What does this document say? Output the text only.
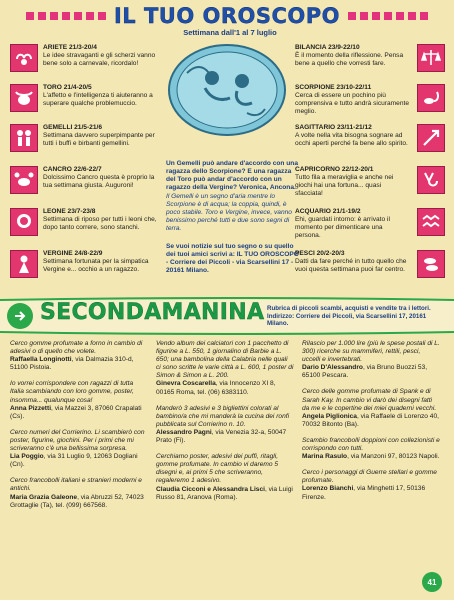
IL TUO OROSCOPO
Settimana dall'1 al 7 luglio
ARIETE 21/3-20/4
Le idee stravaganti e gli scherzi vanno bene solo a carnevale, ricordalo!
TORO 21/4-20/5
L'affetto e l'intelligenza ti aiuteranno a superare qualche problemuccio.
GEMELLI 21/5-21/6
Settimana davvero superpimpante per tutti i buffi e birbanti gemellini.
CANCRO 22/6-22/7
Dolcissimo Cancro questa è proprio la tua settimana giusta. Auguroni!
LEONE 23/7-23/8
Settimana di riposo per tutti i leoni che, dopo tanto correre, sono stanchi.
VERGINE 24/8-22/9
Settimana fortunata per la simpatica Vergine e... occhio a un ragazzo.
Un Gemelli può andare d'accordo con una ragazza dello Scorpione? E una ragazza del Toro può andar d'accordo con un ragazzo della Vergine? Veronica, Ancona.
Il Gemelli è un segno d'aria mentre lo Scorpione è di acqua; la coppia, quindi, è poco stabile. Toro e Vergine, invece, vanno benissimo perché tutti e due sono segni di terra.
Se vuoi notizie sul tuo segno o su quello dei tuoi amici scrivi a: IL TUO OROSCOPO - Corriere dei Piccoli - via Scarsellini 17 - 20161 Milano.
BILANCIA 23/9-22/10
È il momento della riflessione. Pensa bene a quello che vorresti fare.
SCORPIONE 23/10-22/11
Cerca di essere un pochino più comprensiva e tutto andrà sicuramente meglio.
SAGITTARIO 23/11-21/12
A volte nella vita bisogna sognare ad occhi aperti perché fa bene allo spirito.
CAPRICORNO 22/12-20/1
Tutto fila a meraviglia e anche nei giochi hai una fortuna... quasi sfacciata!
ACQUARIO 21/1-19/2
Ehi, guardati intorno: è arrivato il momento per dimenticare una persona.
PESCI 20/2-20/3
Datti da fare perché in tutto quello che vuoi questa settimana puoi far centro.
SECONDAMANINA Rubrica di piccoli scambi, acquisti e vendite tra i lettori. Indirizzo: Corriere dei Piccoli, via Scarsellini 17, 20161 Milano.
Cerco gomme profumate a forno in cambio di adesivi o di quello che volete.
Raffaella Longinotti, via Dalmazia 310-d, 51100 Pistoia.
Io vorrei corrispondere con ragazzi di tutta Italia scambiando con loro gomme, poster, insomma... qualunque cosa!
Anna Pizzetti, via Mazzei 3, 87060 Crapalati (Cs).
Cerco numeri del Corrierino. Li scambierò con poster, figurine, giochini. Per i primi che mi scriveranno c'è una bellissima sorpresa.
Lia Poggio, via 31 Luglio 9, 12063 Dogliani (Cn).
Cerco francobolli italiani e stranieri moderni e antichi.
Maria Grazia Galeone, via Abruzzi 52, 74023 Grottaglie (Ta), tel. (099) 667568.
Vendo album dei calciatori con 1 pacchetto di figurine a L. 550, 1 giornalino di Barbie a L. 650; una bambolina della Calabria nelle quali ci sono scritte le varie città a L. 600, 1 poster di Simon & Simon a L. 200.
Ginevra Coscarella, via Innocenzo XI 8, 00165 Roma, tel. (06) 6383110.
Manderò 3 adesivi e 3 bigliettini colorati al bambino/a che mi manderà la cucina dei ronfi pubblicata sul Corrierino n. 10.
Alessandro Pagni, via Venezia 32-a, 50047 Prato (Fi).
Cerchiamo poster, adesivi dei puffi, ritagli, gomme profumate. In cambio vi daremo 5 disegni e, ai primi 5 che scriveranno, regaleremo 1 adesivo.
Claudia Cicconi e Alessandra Lisci, via Luigi Russo 81, Aranova (Roma).
Rilascio per 1.000 lire (più le spese postali di L. 300) ricerche su mammiferi, rettili, pesci, uccelli e invertebrati.
Dario D'Alessandro, via Bruno Buozzi 53, 65100 Pescara.
Cerco delle gomme profumate di Spank e di Sarah Kay. In cambio vi darò dei disegni fatti da me e le copertine dei miei quaderni vecchi.
Angela Piglionica, via Raffaele di Lorenzo 40, 70032 Bitonto (Ba).
Scambio francobolli doppioni con collezionisti e corrispondo con tutti.
Marina Rasulo, via Manzoni 97, 80123 Napoli.
Cerco i personaggi di Guerre stellari e gomme profumate.
Lorenzo Bianchi, via Minghetti 17, 50136 Firenze.
41
